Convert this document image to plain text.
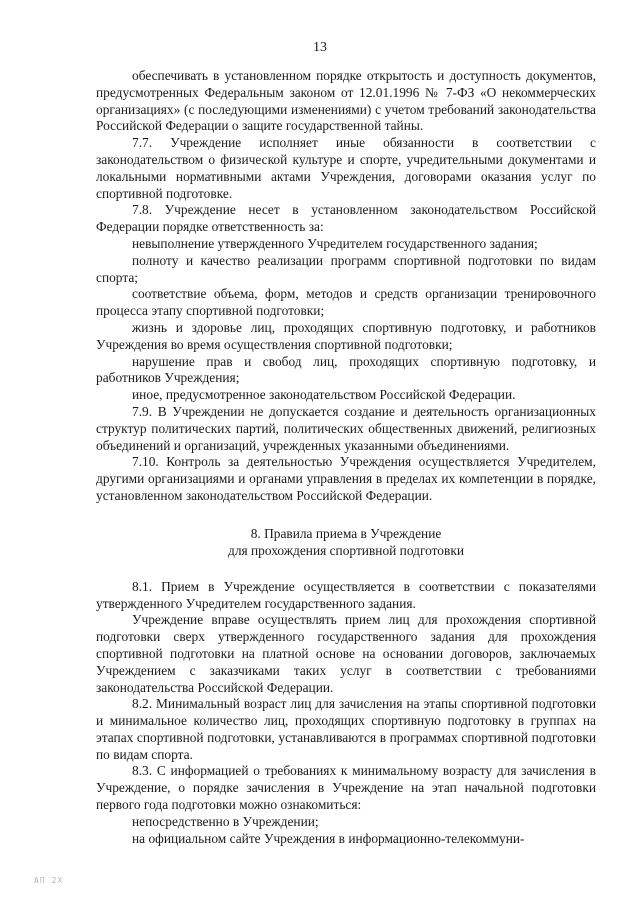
13

обеспечивать в установленном порядке открытость и доступность документов, предусмотренных Федеральным законом от 12.01.1996 № 7-ФЗ «О некоммерческих организациях» (с последующими изменениями) с учетом требований законодательства Российской Федерации о защите государственной тайны.

7.7. Учреждение исполняет иные обязанности в соответствии с законодательством о физической культуре и спорте, учредительными документами и локальными нормативными актами Учреждения, договорами оказания услуг по спортивной подготовке.

7.8. Учреждение несет в установленном законодательством Российской Федерации порядке ответственность за:

невыполнение утвержденного Учредителем государственного задания;

полноту и качество реализации программ спортивной подготовки по видам спорта;

соответствие объема, форм, методов и средств организации тренировочного процесса этапу спортивной подготовки;

жизнь и здоровье лиц, проходящих спортивную подготовку, и работников Учреждения во время осуществления спортивной подготовки;

нарушение прав и свобод лиц, проходящих спортивную подготовку, и работников Учреждения;

иное, предусмотренное законодательством Российской Федерации.

7.9. В Учреждении не допускается создание и деятельность организационных структур политических партий, политических общественных движений, религиозных объединений и организаций, учрежденных указанными объединениями.

7.10. Контроль за деятельностью Учреждения осуществляется Учредителем, другими организациями и органами управления в пределах их компетенции в порядке, установленном законодательством Российской Федерации.

8. Правила приема в Учреждение
для прохождения спортивной подготовки

8.1. Прием в Учреждение осуществляется в соответствии с показателями утвержденного Учредителем государственного задания.

Учреждение вправе осуществлять прием лиц для прохождения спортивной подготовки сверх утвержденного государственного задания для прохождения спортивной подготовки на платной основе на основании договоров, заключаемых Учреждением с заказчиками таких услуг в соответствии с требованиями законодательства Российской Федерации.

8.2. Минимальный возраст лиц для зачисления на этапы спортивной подготовки и минимальное количество лиц, проходящих спортивную подготовку в группах на этапах спортивной подготовки, устанавливаются в программах спортивной подготовки по видам спорта.

8.3. С информацией о требованиях к минимальному возрасту для зачисления в Учреждение, о порядке зачисления в Учреждение на этап начальной подготовки первого года подготовки можно ознакомиться:

непосредственно в Учреждении;

на официальном сайте Учреждения в информационно-телекоммуни-

АП 2Х
